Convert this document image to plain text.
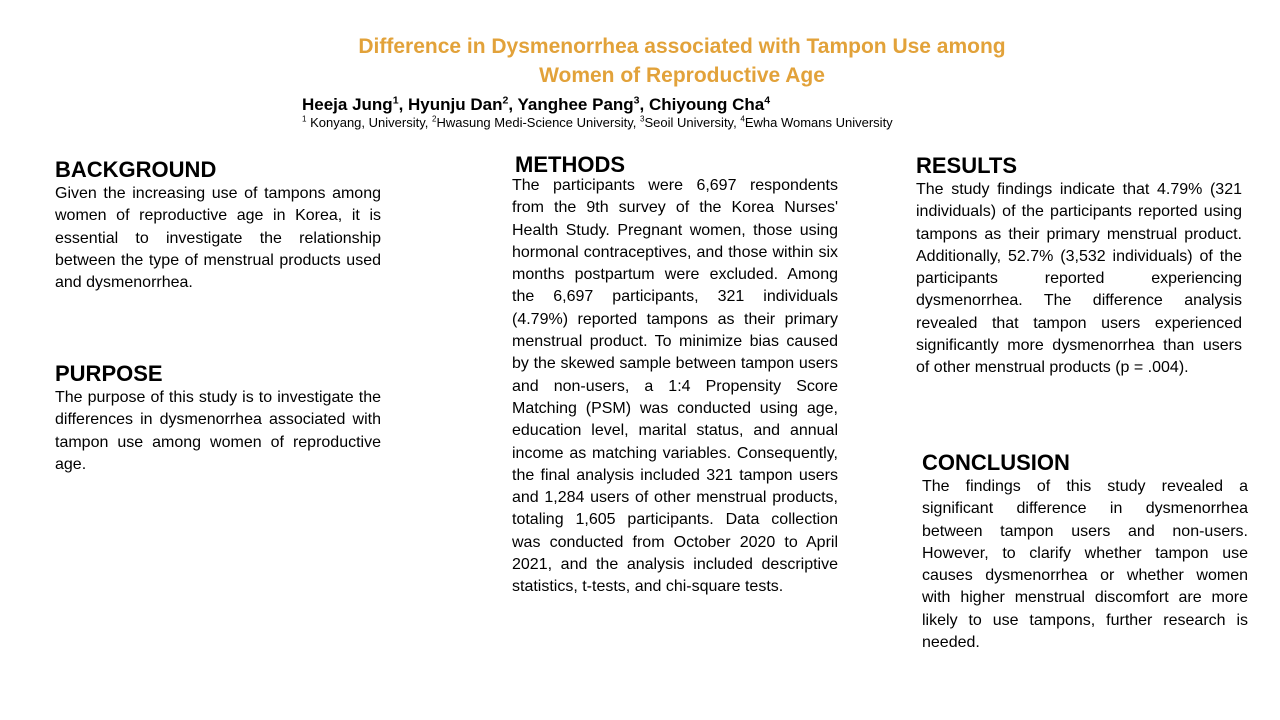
Difference in Dysmenorrhea associated with Tampon Use among
Women of Reproductive Age
Heeja Jung$^1$, Hyunju Dan$^2$, Yanghee Pang$^3$, Chiyoung Cha$^4$
$^1$ Konyang, University, $^2$Hwasung Medi-Science University, $^3$Seoil University, $^4$Ewha Womans University
BACKGROUND

Given the increasing use of tampons among women of reproductive age in Korea, it is essential to investigate the relationship between the type of menstrual products used and dysmenorrhea.

PURPOSE

The purpose of this study is to investigate the differences in dysmenorrhea associated with tampon use among women of reproductive age.

METHODS

The participants were 6,697 respondents from the 9th survey of the Korea Nurses' Health Study. Pregnant women, those using hormonal contraceptives, and those within six months postpartum were excluded. Among the 6,697 participants, 321 individuals (4.79%) reported tampons as their primary menstrual product. To minimize bias caused by the skewed sample between tampon users and non-users, a 1:4 Propensity Score Matching (PSM) was conducted using age, education level, marital status, and annual income as matching variables. Consequently, the final analysis included 321 tampon users and 1,284 users of other menstrual products, totaling 1,605 participants. Data collection was conducted from October 2020 to April 2021, and the analysis included descriptive statistics, t-tests, and chi-square tests.

RESULTS

The study findings indicate that 4.79% (321 individuals) of the participants reported using tampons as their primary menstrual product. Additionally, 52.7% (3,532 individuals) of the participants reported experiencing dysmenorrhea. The difference analysis revealed that tampon users experienced significantly more dysmenorrhea than users of other menstrual products (p = .004).

CONCLUSION

The findings of this study revealed a significant difference in dysmenorrhea between tampon users and non-users. However, to clarify whether tampon use causes dysmenorrhea or whether women with higher menstrual discomfort are more likely to use tampons, further research is needed.
